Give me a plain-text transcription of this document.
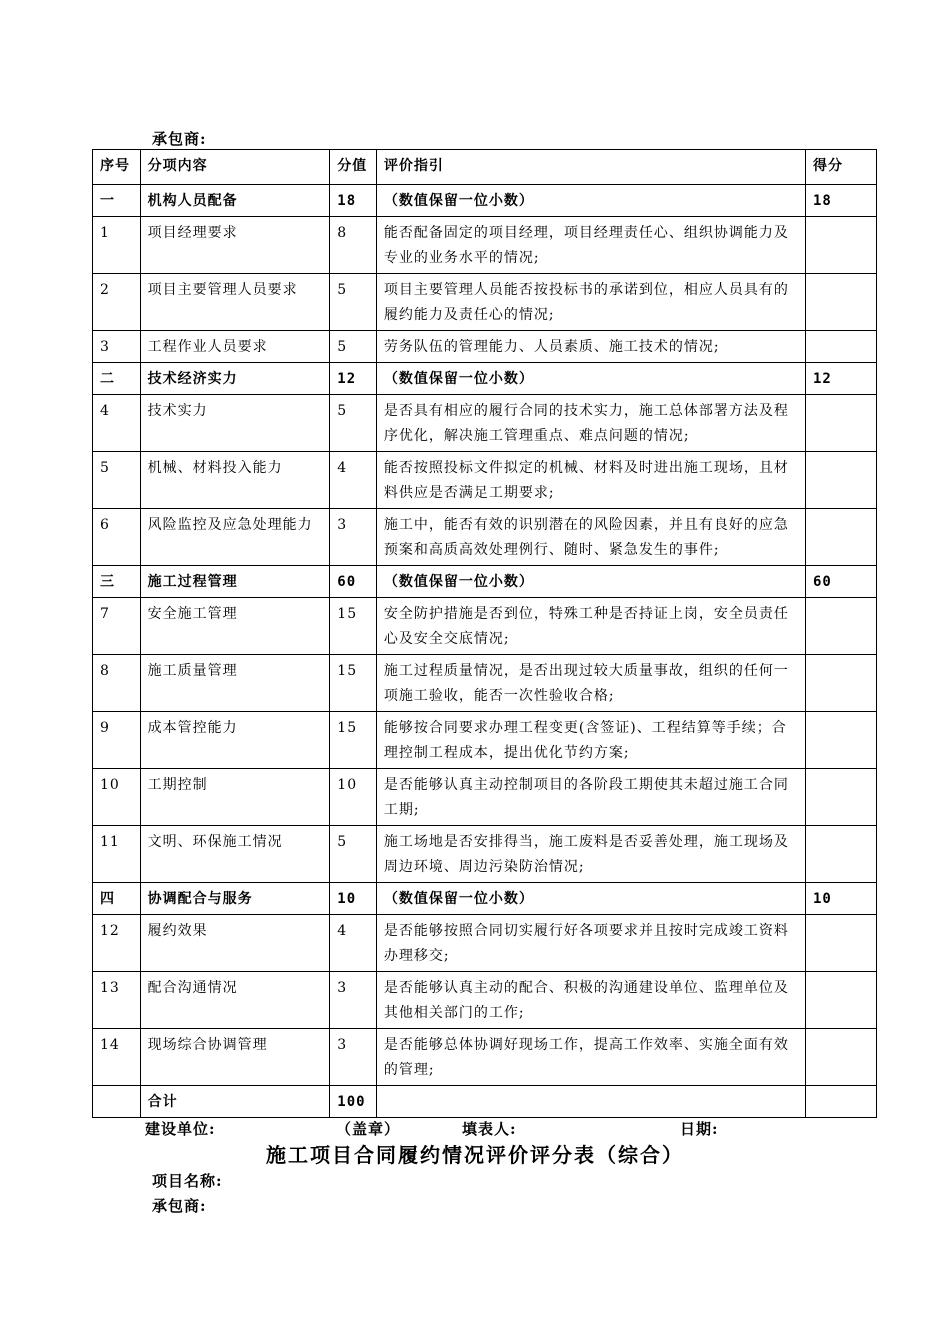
承包商:
序号	分项内容	分值	评价指引	得分
一	机构人员配备	18	（数值保留一位小数）	18
1	项目经理要求	8	能否配备固定的项目经理，项目经理责任心、组织协调能力及专业的业务水平的情况;	
2	项目主要管理人员要求	5	项目主要管理人员能否按投标书的承诺到位，相应人员具有的履约能力及责任心的情况;	
3	工程作业人员要求	5	劳务队伍的管理能力、人员素质、施工技术的情况;	
二	技术经济实力	12	（数值保留一位小数）	12
4	技术实力	5	是否具有相应的履行合同的技术实力，施工总体部署方法及程序优化，解决施工管理重点、难点问题的情况;	
5	机械、材料投入能力	4	能否按照投标文件拟定的机械、材料及时进出施工现场，且材料供应是否满足工期要求;	
6	风险监控及应急处理能力	3	施工中，能否有效的识别潜在的风险因素，并且有良好的应急预案和高质高效处理例行、随时、紧急发生的事件;	
三	施工过程管理	60	（数值保留一位小数）	60
7	安全施工管理	15	安全防护措施是否到位，特殊工种是否持证上岗，安全员责任心及安全交底情况;	
8	施工质量管理	15	施工过程质量情况，是否出现过较大质量事故，组织的任何一项施工验收，能否一次性验收合格;	
9	成本管控能力	15	能够按合同要求办理工程变更(含签证)、工程结算等手续；合理控制工程成本，提出优化节约方案;	
10	工期控制	10	是否能够认真主动控制项目的各阶段工期使其未超过施工合同工期;	
11	文明、环保施工情况	5	施工场地是否安排得当，施工废料是否妥善处理，施工现场及周边环境、周边污染防治情况;	
四	协调配合与服务	10	（数值保留一位小数）	10
12	履约效果	4	是否能够按照合同切实履行好各项要求并且按时完成竣工资料办理移交;	
13	配合沟通情况	3	是否能够认真主动的配合、积极的沟通建设单位、监理单位及其他相关部门的工作;	
14	现场综合协调管理	3	是否能够总体协调好现场工作，提高工作效率、实施全面有效的管理;	
	合计	100		
建设单位:	（盖章）	填表人:	日期:
施工项目合同履约情况评价评分表（综合）
项目名称:
承包商:
